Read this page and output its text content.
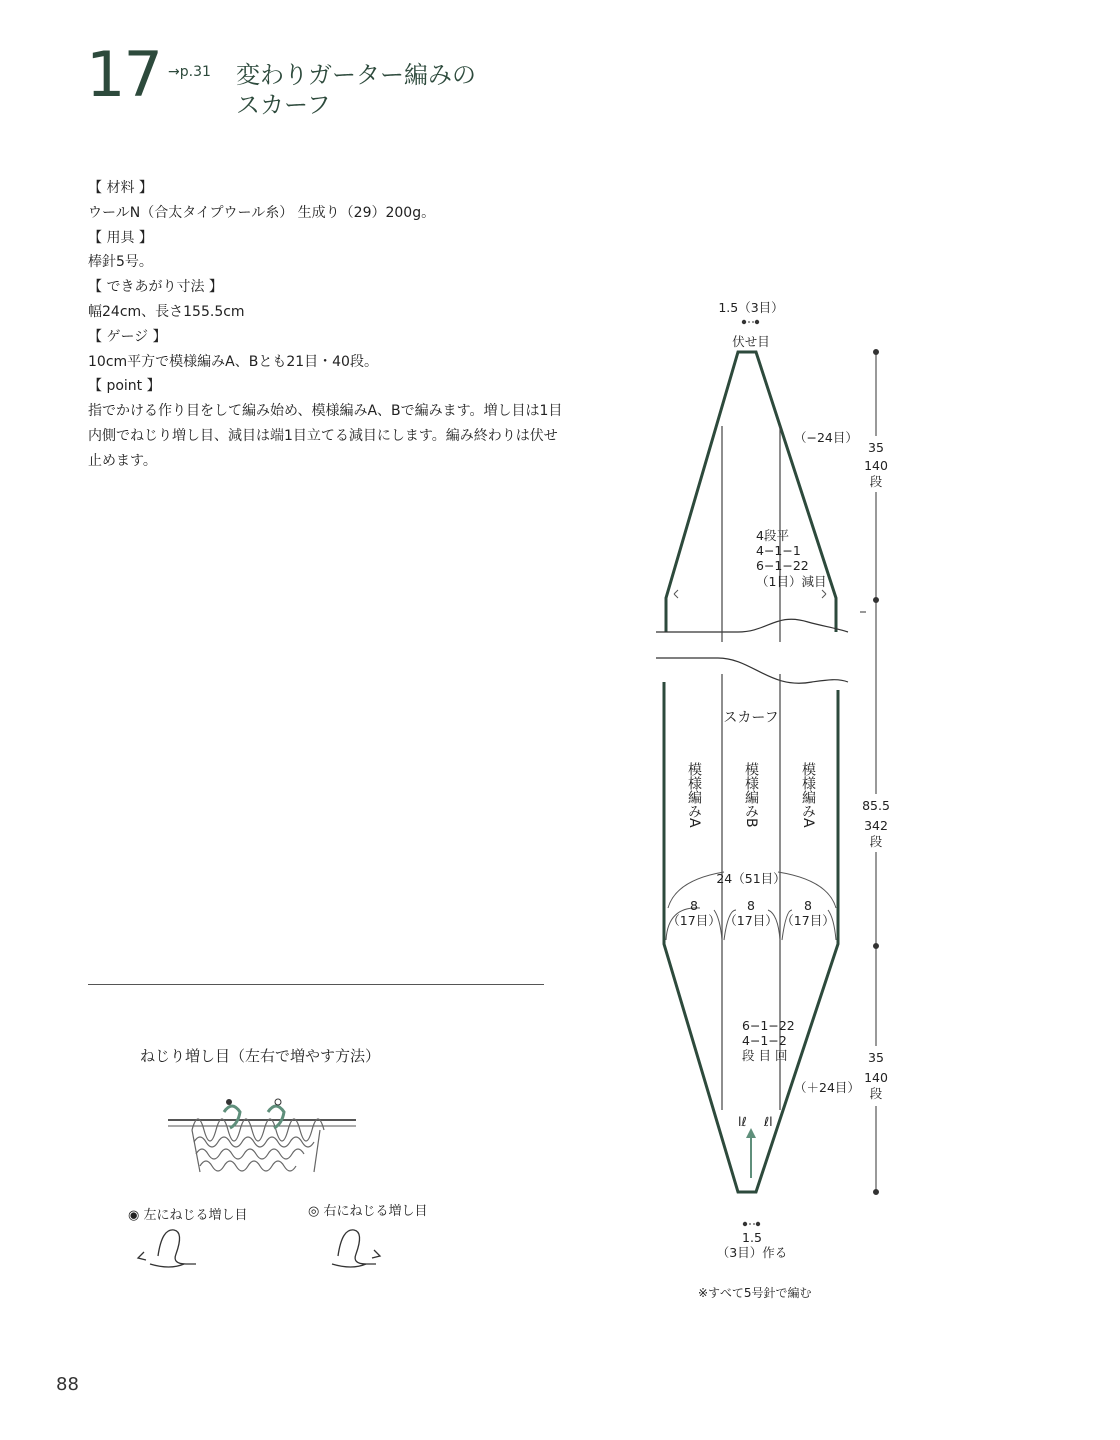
17 →p.31 変わりガーター編みの
スカーフ
【 材料 】
ウールN（合太タイプウール糸） 生成り（29）200g。
【 用具 】
棒針5号。
【 できあがり寸法 】
幅24cm、長さ155.5cm
【 ゲージ 】
10cm平方で模様編みA、Bとも21目・40段。
【 point 】
指でかける作り目をして編み始め、模様編みA、Bで編みます。増し目は1目内側でねじり増し目、減目は端1目立てる減目にします。編み終わりは伏せ止めます。
ねじり増し目（左右で増やす方法）
◉ 左にねじる増し目	◎ 右にねじる増し目
lℓ ℓl
1.5（3目）
伏せ目
（−24目）
35
140
段
4段平
4−1−1
6−1−22
（1目）減目
スカーフ
模様編みA	模様編みB	模様編みA	85.5
342
段
24（51目）
8
（17目）
8
（17目）
8
（17目）
6−1−22
4−1−2
段 目 回
（＋24目）
35
140
段
1.5
（3目）作る
※すべて5号針で編む
88
